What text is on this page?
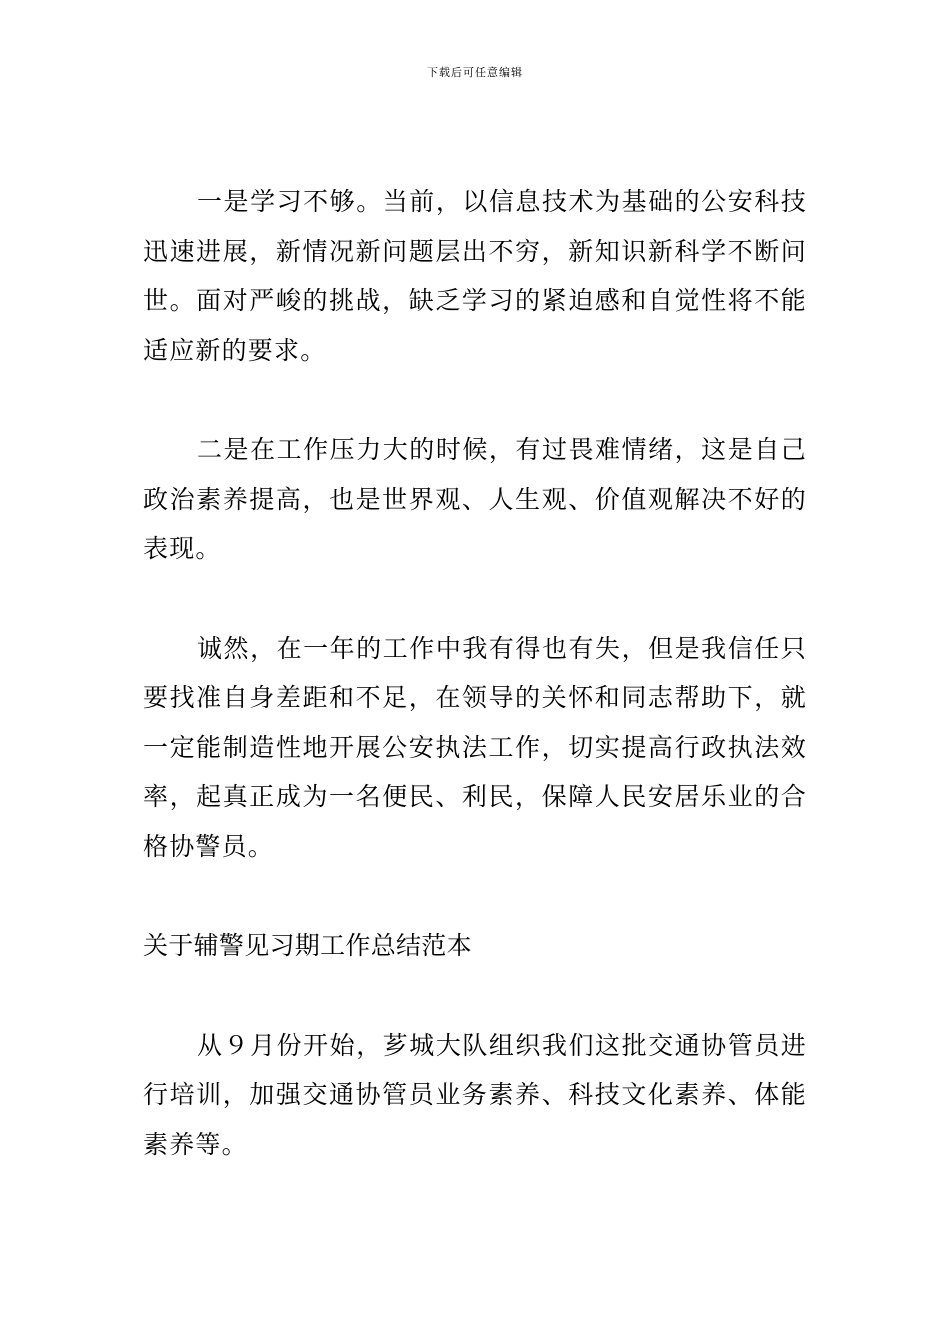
下载后可任意编辑

一是学习不够。当前，以信息技术为基础的公安科技迅速进展，新情况新问题层出不穷，新知识新科学不断问世。面对严峻的挑战，缺乏学习的紧迫感和自觉性将不能适应新的要求。

二是在工作压力大的时候，有过畏难情绪，这是自己政治素养提高，也是世界观、人生观、价值观解决不好的表现。

诚然，在一年的工作中我有得也有失，但是我信任只要找准自身差距和不足，在领导的关怀和同志帮助下，就一定能制造性地开展公安执法工作，切实提高行政执法效率，起真正成为一名便民、利民，保障人民安居乐业的合格协警员。

关于辅警见习期工作总结范本

从９月份开始，芗城大队组织我们这批交通协管员进行培训，加强交通协管员业务素养、科技文化素养、体能素养等。
